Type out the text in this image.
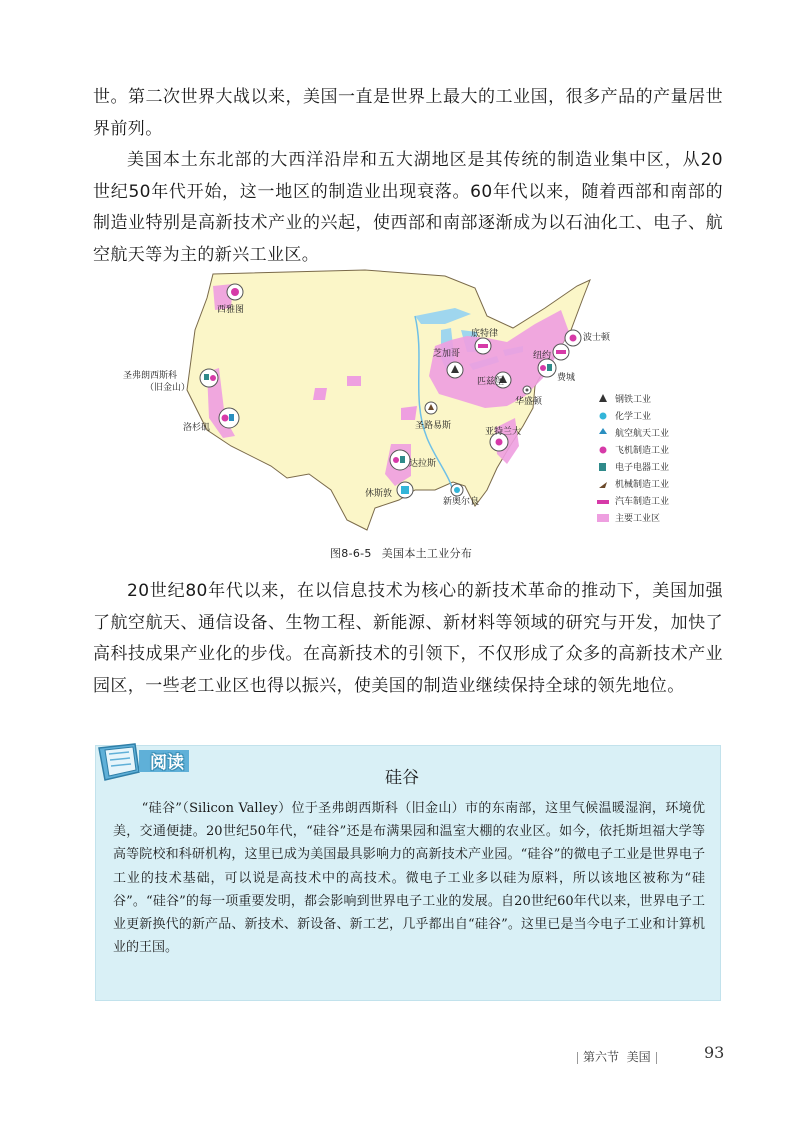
世。第二次世界大战以来，美国一直是世界上最大的工业国，很多产品的产量居世界前列。

美国本土东北部的大西洋沿岸和五大湖地区是其传统的制造业集中区，从20世纪50年代开始，这一地区的制造业出现衰落。60年代以来，随着西部和南部的制造业特别是高新技术产业的兴起，使西部和南部逐渐成为以石油化工、电子、航空航天等为主的新兴工业区。

西雅图
圣弗朗西斯科
（旧金山）
洛杉矶
芝加哥
底特律
匹兹堡
纽约
波士顿
费城
华盛顿
圣路易斯
亚特兰大
达拉斯
休斯敦
新奥尔良
钢铁工业
化学工业
航空航天工业
飞机制造工业
电子电器工业
机械制造工业
汽车制造工业
主要工业区
图8-6-5 美国本土工业分布

20世纪80年代以来，在以信息技术为核心的新技术革命的推动下，美国加强了航空航天、通信设备、生物工程、新能源、新材料等领域的研究与开发，加快了高科技成果产业化的步伐。在高新技术的引领下，不仅形成了众多的高新技术产业园区，一些老工业区也得以振兴，使美国的制造业继续保持全球的领先地位。

阅读
硅谷

“硅谷”（Silicon Valley）位于圣弗朗西斯科（旧金山）市的东南部，这里气候温暖湿润，环境优美，交通便捷。20世纪50年代，“硅谷”还是布满果园和温室大棚的农业区。如今，依托斯坦福大学等高等院校和科研机构，这里已成为美国最具影响力的高新技术产业园。“硅谷”的微电子工业是世界电子工业的技术基础，可以说是高技术中的高技术。微电子工业多以硅为原料，所以该地区被称为“硅谷”。“硅谷”的每一项重要发明，都会影响到世界电子工业的发展。自20世纪60年代以来，世界电子工业更新换代的新产品、新技术、新设备、新工艺，几乎都出自“硅谷”。这里已是当今电子工业和计算机业的王国。

第六节 美国	93
